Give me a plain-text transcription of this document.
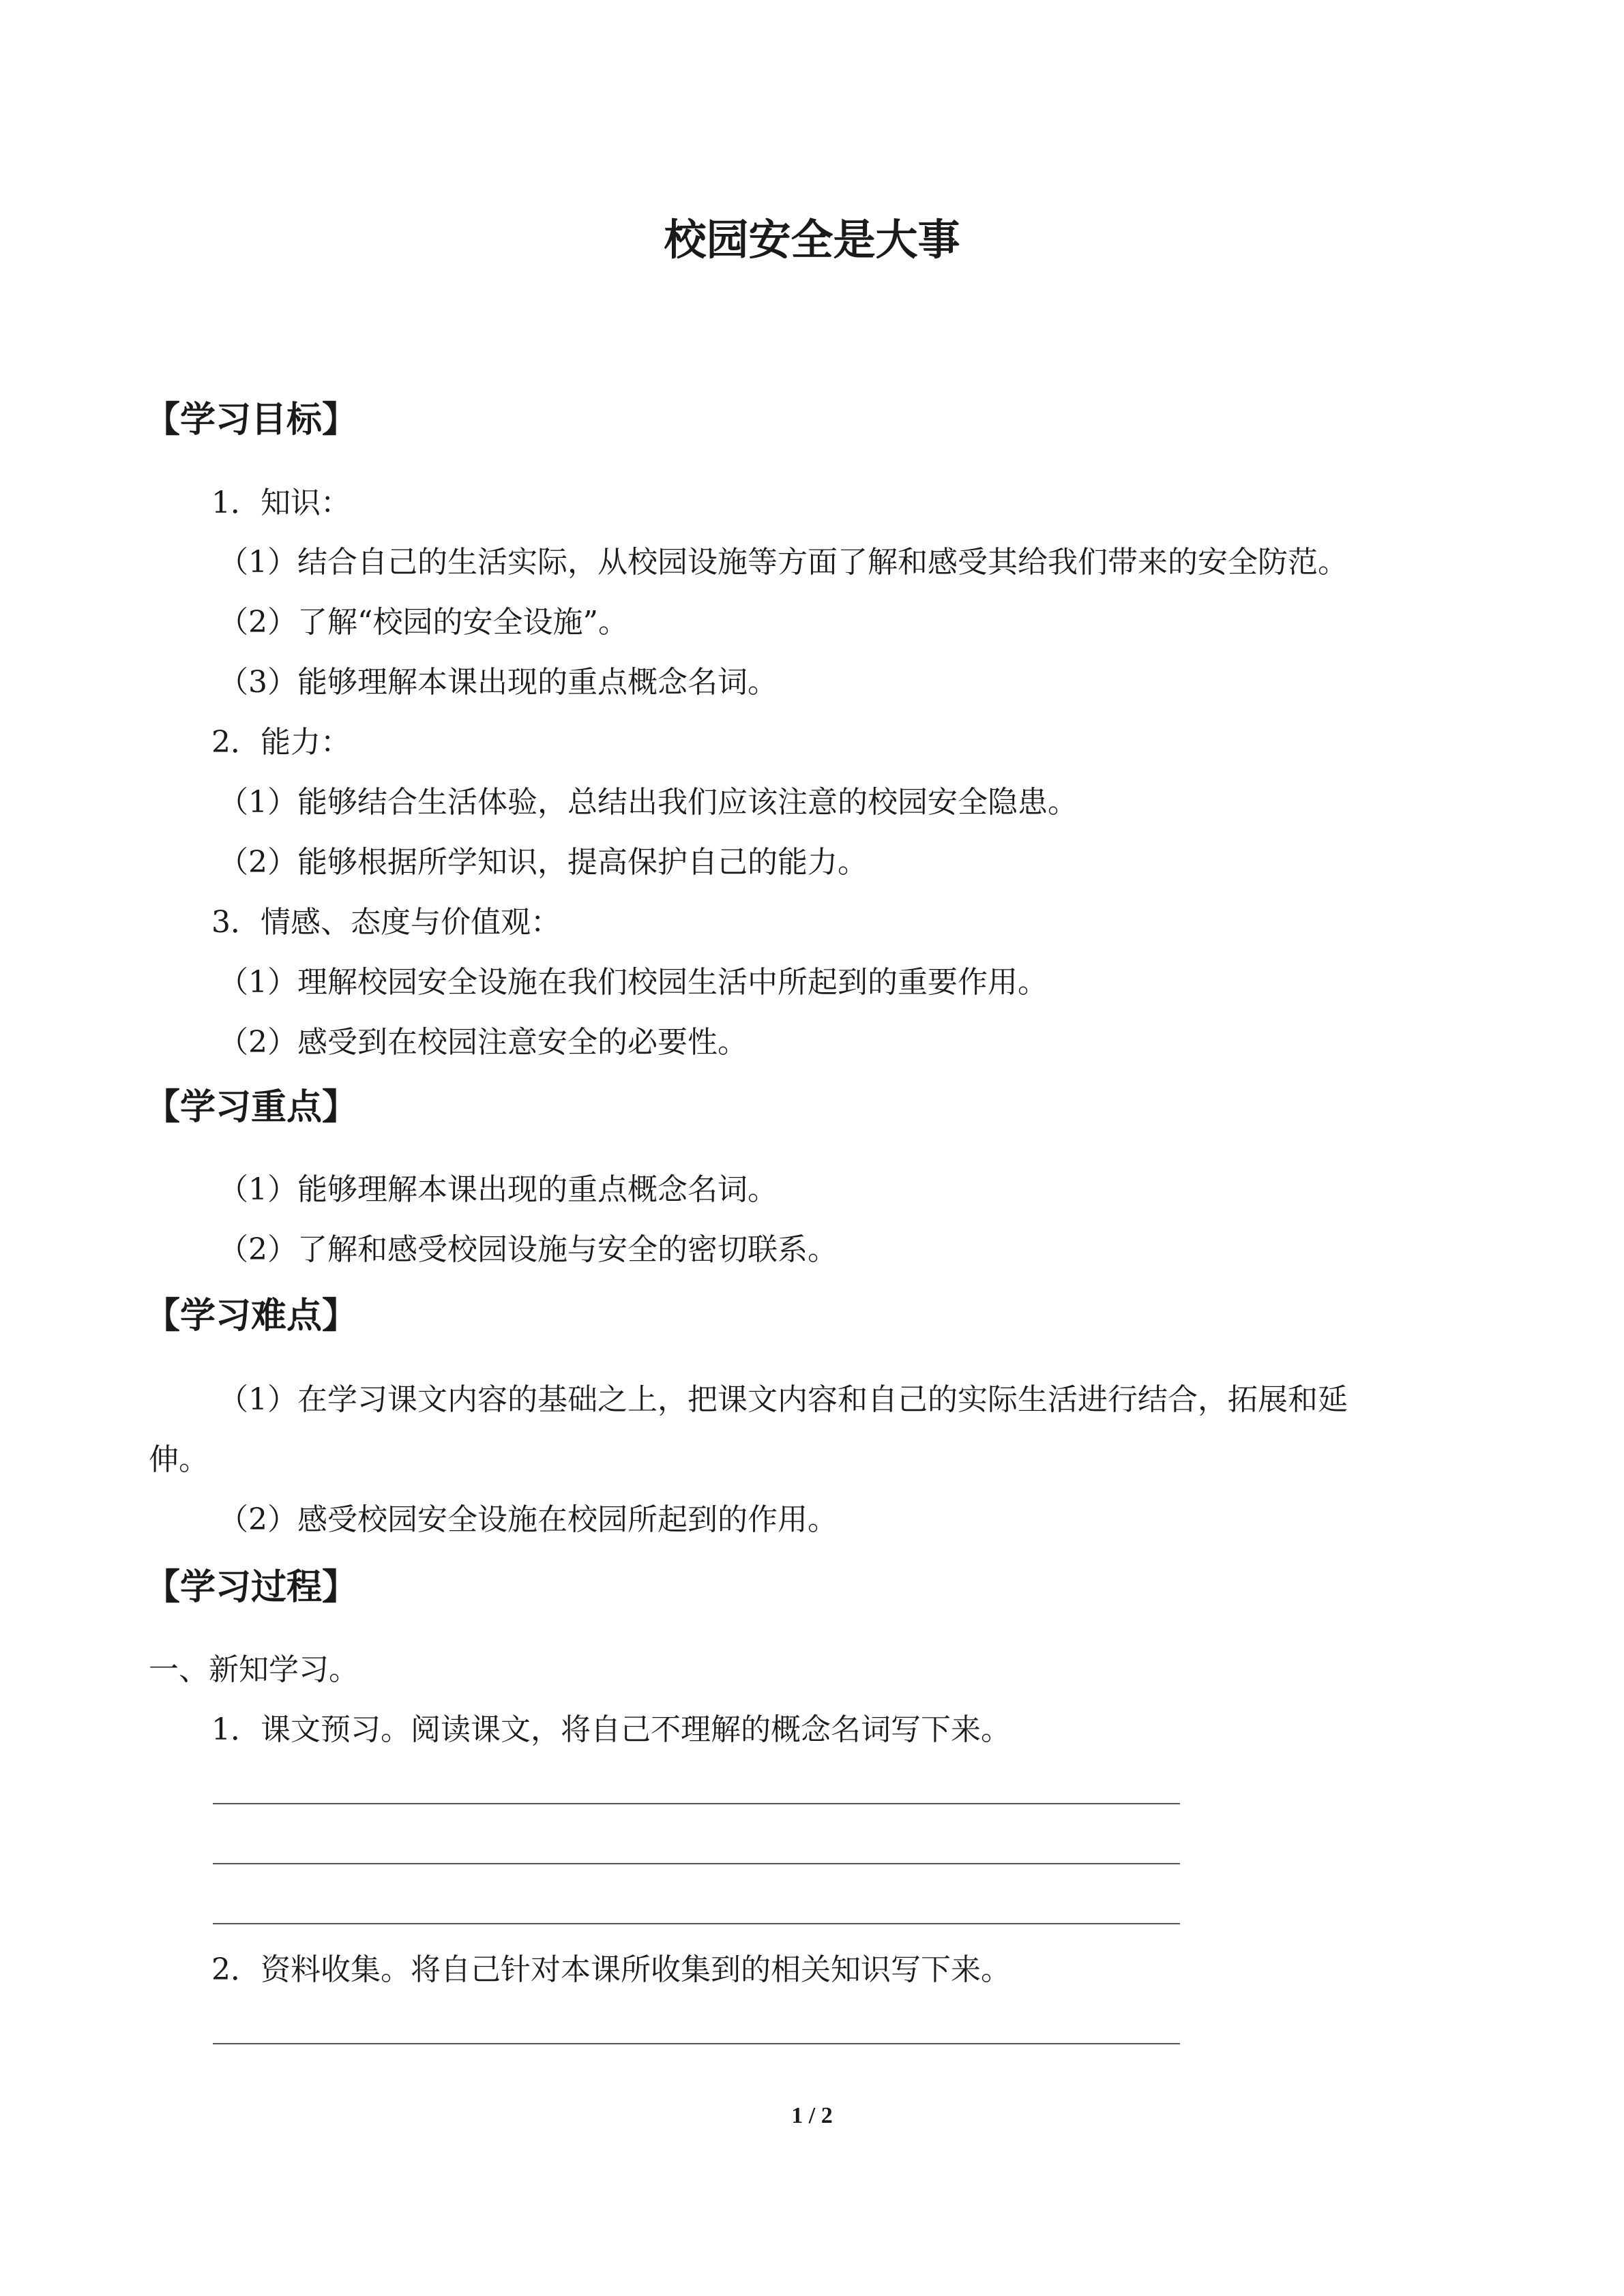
校园安全是大事
【学习目标】
1．知识：
（1）结合自己的生活实际，从校园设施等方面了解和感受其给我们带来的安全防范。
（2）了解“校园的安全设施”。
（3）能够理解本课出现的重点概念名词。
2．能力：
（1）能够结合生活体验，总结出我们应该注意的校园安全隐患。
（2）能够根据所学知识，提高保护自己的能力。
3．情感、态度与价值观：
（1）理解校园安全设施在我们校园生活中所起到的重要作用。
（2）感受到在校园注意安全的必要性。
【学习重点】
（1）能够理解本课出现的重点概念名词。
（2）了解和感受校园设施与安全的密切联系。
【学习难点】
（1）在学习课文内容的基础之上，把课文内容和自己的实际生活进行结合，拓展和延
伸。
（2）感受校园安全设施在校园所起到的作用。
【学习过程】
一、新知学习。
1．课文预习。阅读课文，将自己不理解的概念名词写下来。
2．资料收集。将自己针对本课所收集到的相关知识写下来。
1 / 2
